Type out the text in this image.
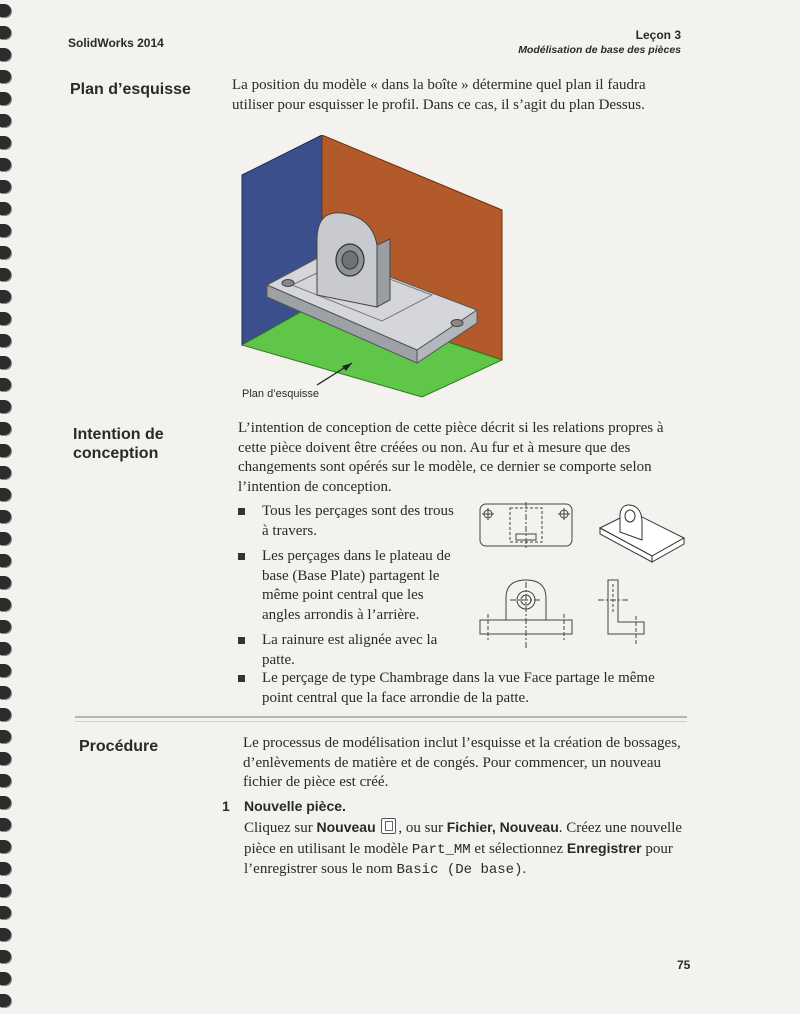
SolidWorks 2014
Leçon 3
Modélisation de base des pièces
Plan d’esquisse	La position du modèle « dans la boîte » détermine quel plan il faudra utiliser pour esquisser le profil. Dans ce cas, il s’agit du plan Dessus.
Plan d’esquisse
Intention de
conception
L’intention de conception de cette pièce décrit si les relations propres à cette pièce doivent être créées ou non. Au fur et à mesure que des changements sont opérés sur le modèle, ce dernier se comporte selon l’intention de conception.
Tous les perçages sont des trous à travers.
Les perçages dans le plateau de base (Base Plate) partagent le même point central que les angles arrondis à l’arrière.
La rainure est alignée avec la patte.
Le perçage de type Chambrage dans la vue Face partage le même point central que la face arrondie de la patte.
Procédure	Le processus de modélisation inclut l’esquisse et la création de bossages, d’enlèvements de matière et de congés. Pour commencer, un nouveau fichier de pièce est créé.
1 Nouvelle pièce.
Cliquez sur Nouveau , ou sur Fichier, Nouveau. Créez une nouvelle pièce en utilisant le modèle Part_MM et sélectionnez Enregistrer pour l’enregistrer sous le nom Basic (De base).
75
